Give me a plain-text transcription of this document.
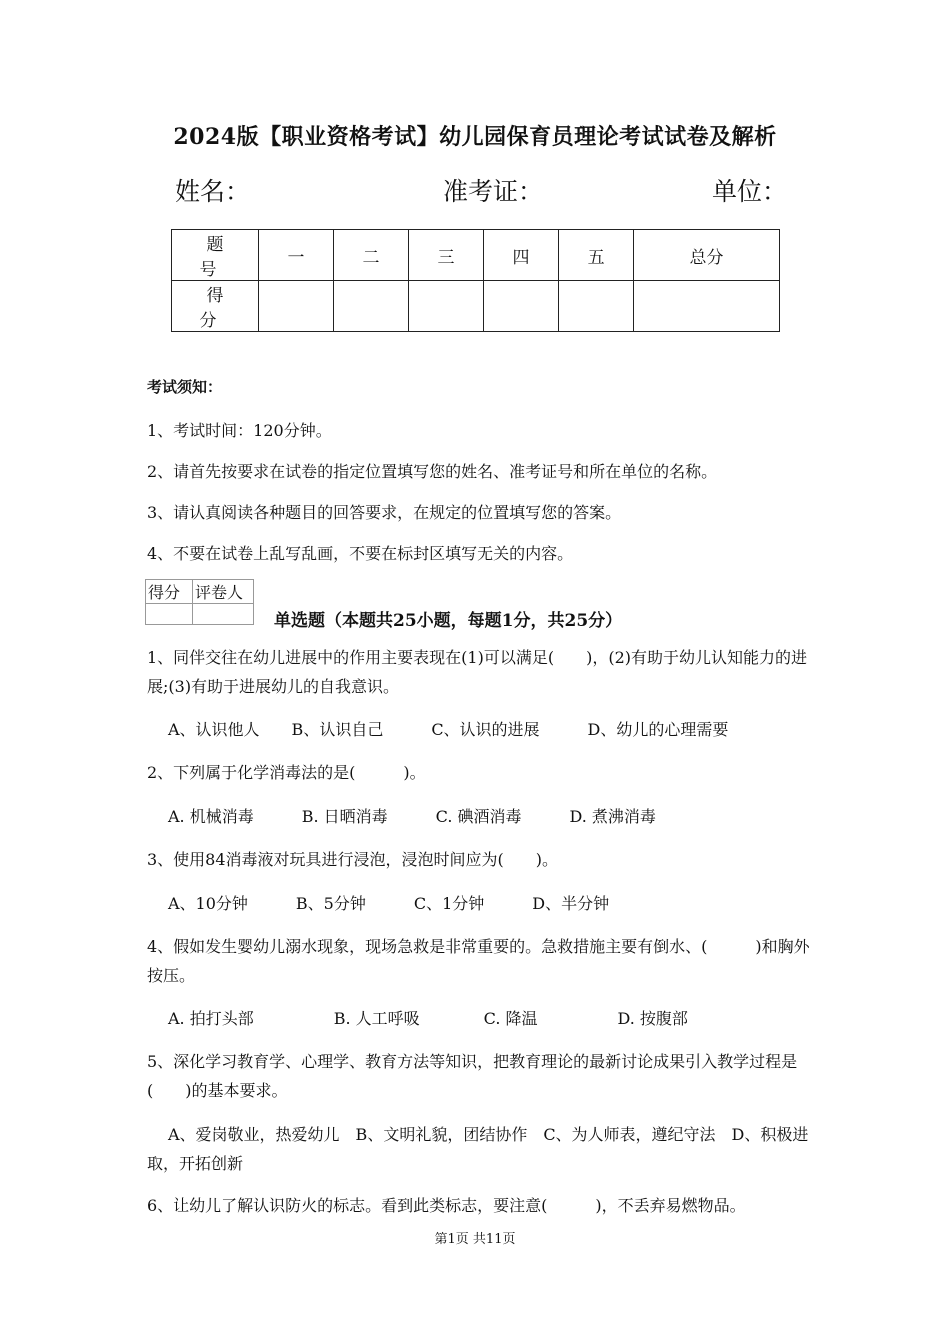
2024版【职业资格考试】幼儿园保育员理论考试试卷及解析
姓名：	准考证：	单位：
题 号	一	二	三	四	五	总分
得 分						
考试须知：
1、考试时间：120分钟。
2、请首先按要求在试卷的指定位置填写您的姓名、准考证号和所在单位的名称。
3、请认真阅读各种题目的回答要求，在规定的位置填写您的答案。
4、不要在试卷上乱写乱画，不要在标封区填写无关的内容。
得分	评卷人

单选题（本题共25小题，每题1分，共25分）
1、同伴交往在幼儿进展中的作用主要表现在(1)可以满足(　　)，(2)有助于幼儿认知能力的进展;(3)有助于进展幼儿的自我意识。
A、认识他人　　B、认识自己　　　C、认识的进展　　　D、幼儿的心理需要
2、下列属于化学消毒法的是(　　　)。
A. 机械消毒　　　B. 日晒消毒　　　C. 碘酒消毒　　　D. 煮沸消毒
3、使用84消毒液对玩具进行浸泡，浸泡时间应为(　　)。
A、10分钟　　　B、5分钟　　　C、1分钟　　　D、半分钟
4、假如发生婴幼儿溺水现象，现场急救是非常重要的。急救措施主要有倒水、(　　　)和胸外按压。
A. 拍打头部　　　　　B. 人工呼吸　　　　C. 降温　　　　　D. 按腹部
5、深化学习教育学、心理学、教育方法等知识，把教育理论的最新讨论成果引入教学过程是(　　)的基本要求。
A、爱岗敬业，热爱幼儿　B、文明礼貌，团结协作　C、为人师表，遵纪守法　D、积极进取，开拓创新
6、让幼儿了解认识防火的标志。看到此类标志，要注意(　　　)，不丢弃易燃物品。
第1页 共11页
